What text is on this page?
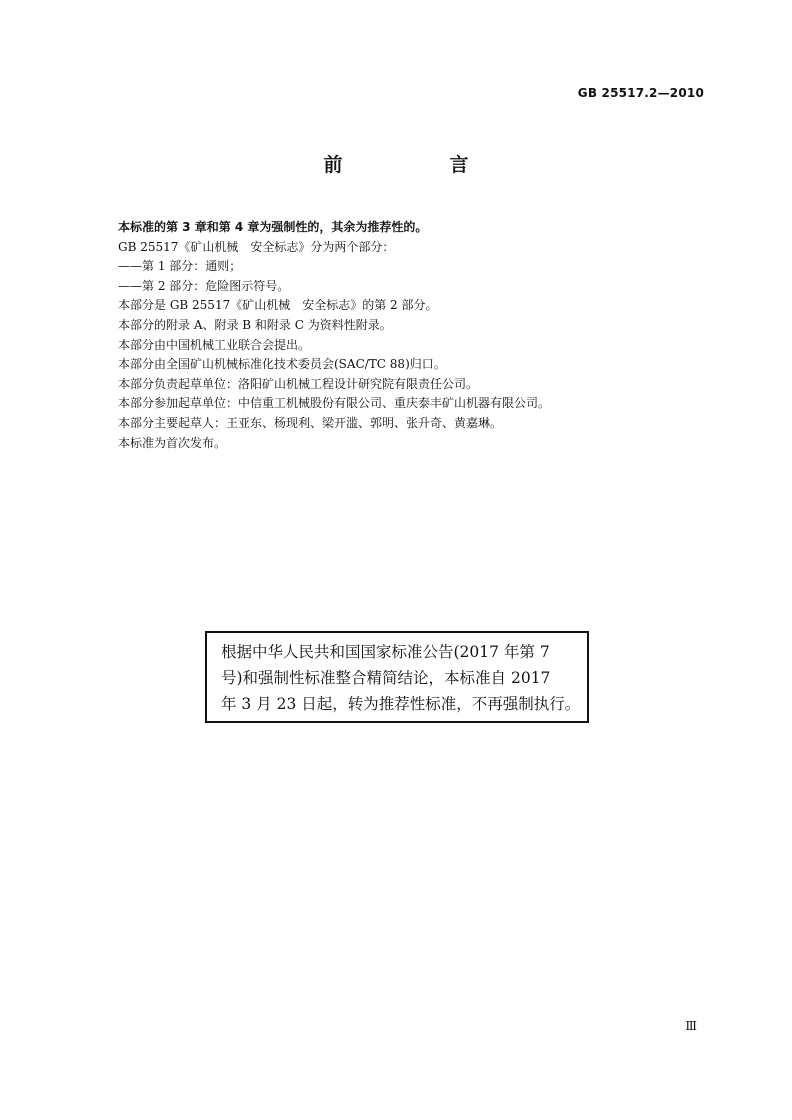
GB 25517.2—2010
前　言
本标准的第 3 章和第 4 章为强制性的，其余为推荐性的。
GB 25517《矿山机械　安全标志》分为两个部分：
——第 1 部分：通则；
——第 2 部分：危险图示符号。
本部分是 GB 25517《矿山机械　安全标志》的第 2 部分。
本部分的附录 A、附录 B 和附录 C 为资料性附录。
本部分由中国机械工业联合会提出。
本部分由全国矿山机械标准化技术委员会(SAC/TC 88)归口。
本部分负责起草单位：洛阳矿山机械工程设计研究院有限责任公司。
本部分参加起草单位：中信重工机械股份有限公司、重庆泰丰矿山机器有限公司。
本部分主要起草人：王亚东、杨现利、梁开滥、郭明、张升奇、黄嘉琳。
本标准为首次发布。
根据中华人民共和国国家标准公告(2017 年第 7
号)和强制性标准整合精简结论，本标准自 2017
年 3 月 23 日起，转为推荐性标准，不再强制执行。
Ⅲ
